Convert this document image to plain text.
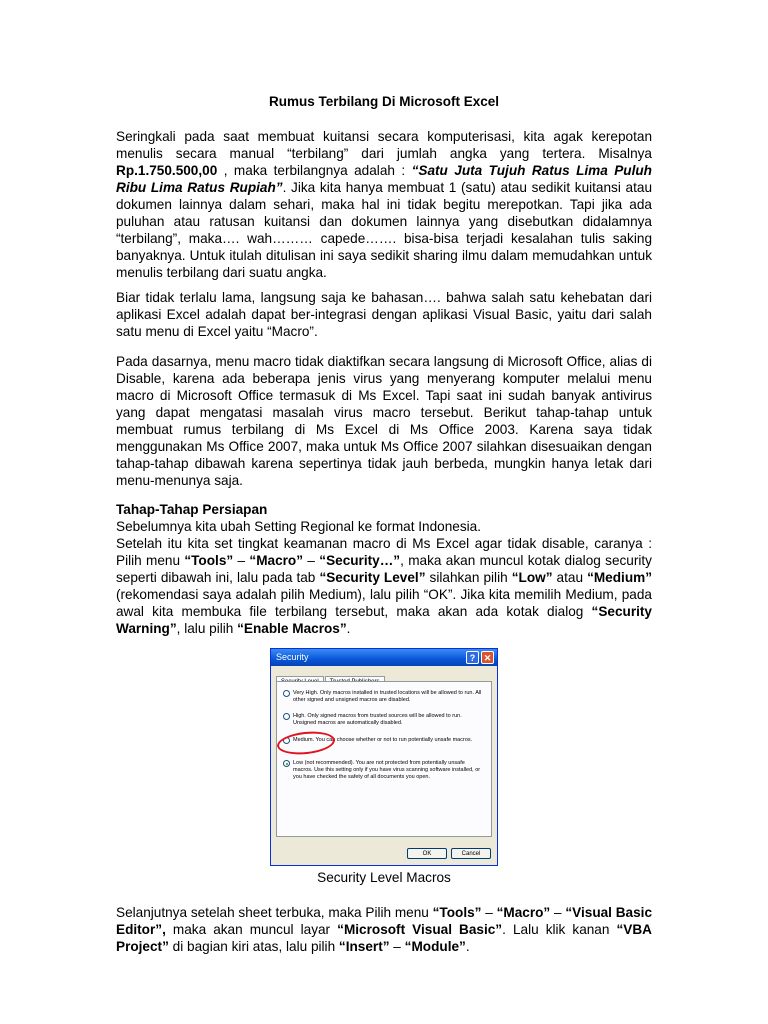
Rumus Terbilang Di Microsoft Excel

Seringkali pada saat membuat kuitansi secara komputerisasi, kita agak kerepotan menulis secara manual “terbilang” dari jumlah angka yang tertera. Misalnya Rp.1.750.500,00 , maka terbilangnya adalah : “Satu Juta Tujuh Ratus Lima Puluh Ribu Lima Ratus Rupiah”. Jika kita hanya membuat 1 (satu) atau sedikit kuitansi atau dokumen lainnya dalam sehari, maka hal ini tidak begitu merepotkan. Tapi jika ada puluhan atau ratusan kuitansi dan dokumen lainnya yang disebutkan didalamnya “terbilang”, maka…. wah……… capede……. bisa-bisa terjadi kesalahan tulis saking banyaknya. Untuk itulah ditulisan ini saya sedikit sharing ilmu dalam memudahkan untuk menulis terbilang dari suatu angka.

Biar tidak terlalu lama, langsung saja ke bahasan…. bahwa salah satu kehebatan dari aplikasi Excel adalah dapat ber-integrasi dengan aplikasi Visual Basic, yaitu dari salah satu menu di Excel yaitu “Macro”.

Pada dasarnya, menu macro tidak diaktifkan secara langsung di Microsoft Office, alias di Disable, karena ada beberapa jenis virus yang menyerang komputer melalui menu macro di Microsoft Office termasuk di Ms Excel. Tapi saat ini sudah banyak antivirus yang dapat mengatasi masalah virus macro tersebut. Berikut tahap-tahap untuk membuat rumus terbilang di Ms Excel di Ms Office 2003. Karena saya tidak menggunakan Ms Office 2007, maka untuk Ms Office 2007 silahkan disesuaikan dengan tahap-tahap dibawah karena sepertinya tidak jauh berbeda, mungkin hanya letak dari menu-menunya saja.

Tahap-Tahap Persiapan

Sebelumnya kita ubah Setting Regional ke format Indonesia.

Setelah itu kita set tingkat keamanan macro di Ms Excel agar tidak disable, caranya : Pilih menu “Tools” – “Macro” – “Security…”, maka akan muncul kotak dialog security seperti dibawah ini, lalu pada tab “Security Level” silahkan pilih “Low” atau “Medium” (rekomendasi saya adalah pilih Medium), lalu pilih “OK”. Jika kita memilih Medium, pada awal kita membuka file terbilang tersebut, maka akan ada kotak dialog “Security Warning”, lalu pilih “Enable Macros”.

Security Level Macros

Selanjutnya setelah sheet terbuka, maka Pilih menu “Tools” – “Macro” – “Visual Basic Editor”, maka akan muncul layar “Microsoft Visual Basic”. Lalu klik kanan “VBA Project” di bagian kiri atas, lalu pilih “Insert” – “Module”.

Security	? ✕
Very High. Only macros installed in trusted locations will be allowed to run. All other signed and unsigned macros are disabled.
High. Only signed macros from trusted sources will be allowed to run. Unsigned macros are automatically disabled.
Medium. You can choose whether or not to run potentially unsafe macros.
Low (not recommended). You are not protected from potentially unsafe macros. Use this setting only if you have virus scanning software installed, or you have checked the safety of all documents you open.
OK	Cancel
